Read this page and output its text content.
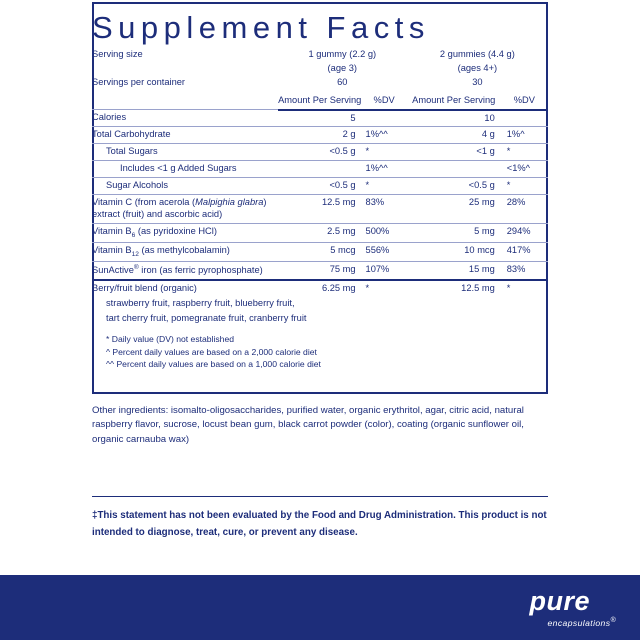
Supplement Facts
Serving size	1 gummy (2.2 g)		2 gummies (4.4 g)	
	(age 3)		(ages 4+)	
Servings per container	60		30	
	Amount Per Serving	%DV	Amount Per Serving	%DV
Calories	5		10	
Total Carbohydrate	2 g	1%^^	4 g	1%^
Total Sugars	<0.5 g	*	<1 g	*
Includes <1 g Added Sugars		1%^^		<1%^
Sugar Alcohols	<0.5 g	*	<0.5 g	*
Vitamin C (from acerola (Malpighia glabra) extract (fruit) and ascorbic acid)	12.5 mg	83%	25 mg	28%
Vitamin $B_6$ (as pyridoxine HCl)	2.5 mg	500%	5 mg	294%
Vitamin $B_{12}$ (as methylcobalamin)	5 mcg	556%	10 mcg	417%
SunActive® iron (as ferric pyrophosphate)	75 mg	107%	15 mg	83%
Berry/fruit blend (organic)	6.25 mg	*	12.5 mg	*
strawberry fruit, raspberry fruit, blueberry fruit,				
tart cherry fruit, pomegranate fruit, cranberry fruit				
* Daily value (DV) not established
^ Percent daily values are based on a 2,000 calorie diet
^^ Percent daily values are based on a 1,000 calorie diet
Other ingredients: isomalto-oligosaccharides, purified water, organic erythritol, agar, citric acid, natural raspberry flavor, sucrose, locust bean gum, black carrot powder (color), coating (organic sunflower oil, organic carnauba wax)
‡This statement has not been evaluated by the Food and Drug Administration. This product is not intended to diagnose, treat, cure, or prevent any disease.
pure
encapsulations®
